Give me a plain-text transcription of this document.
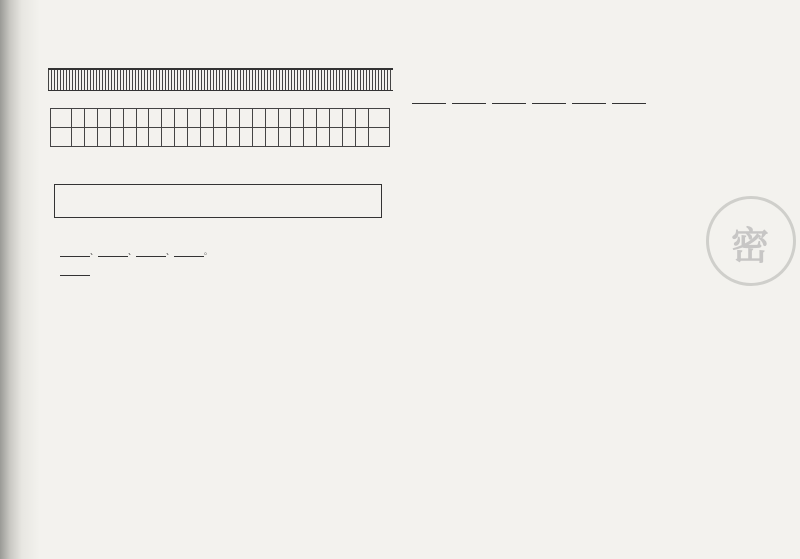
、	、	、	。	密
